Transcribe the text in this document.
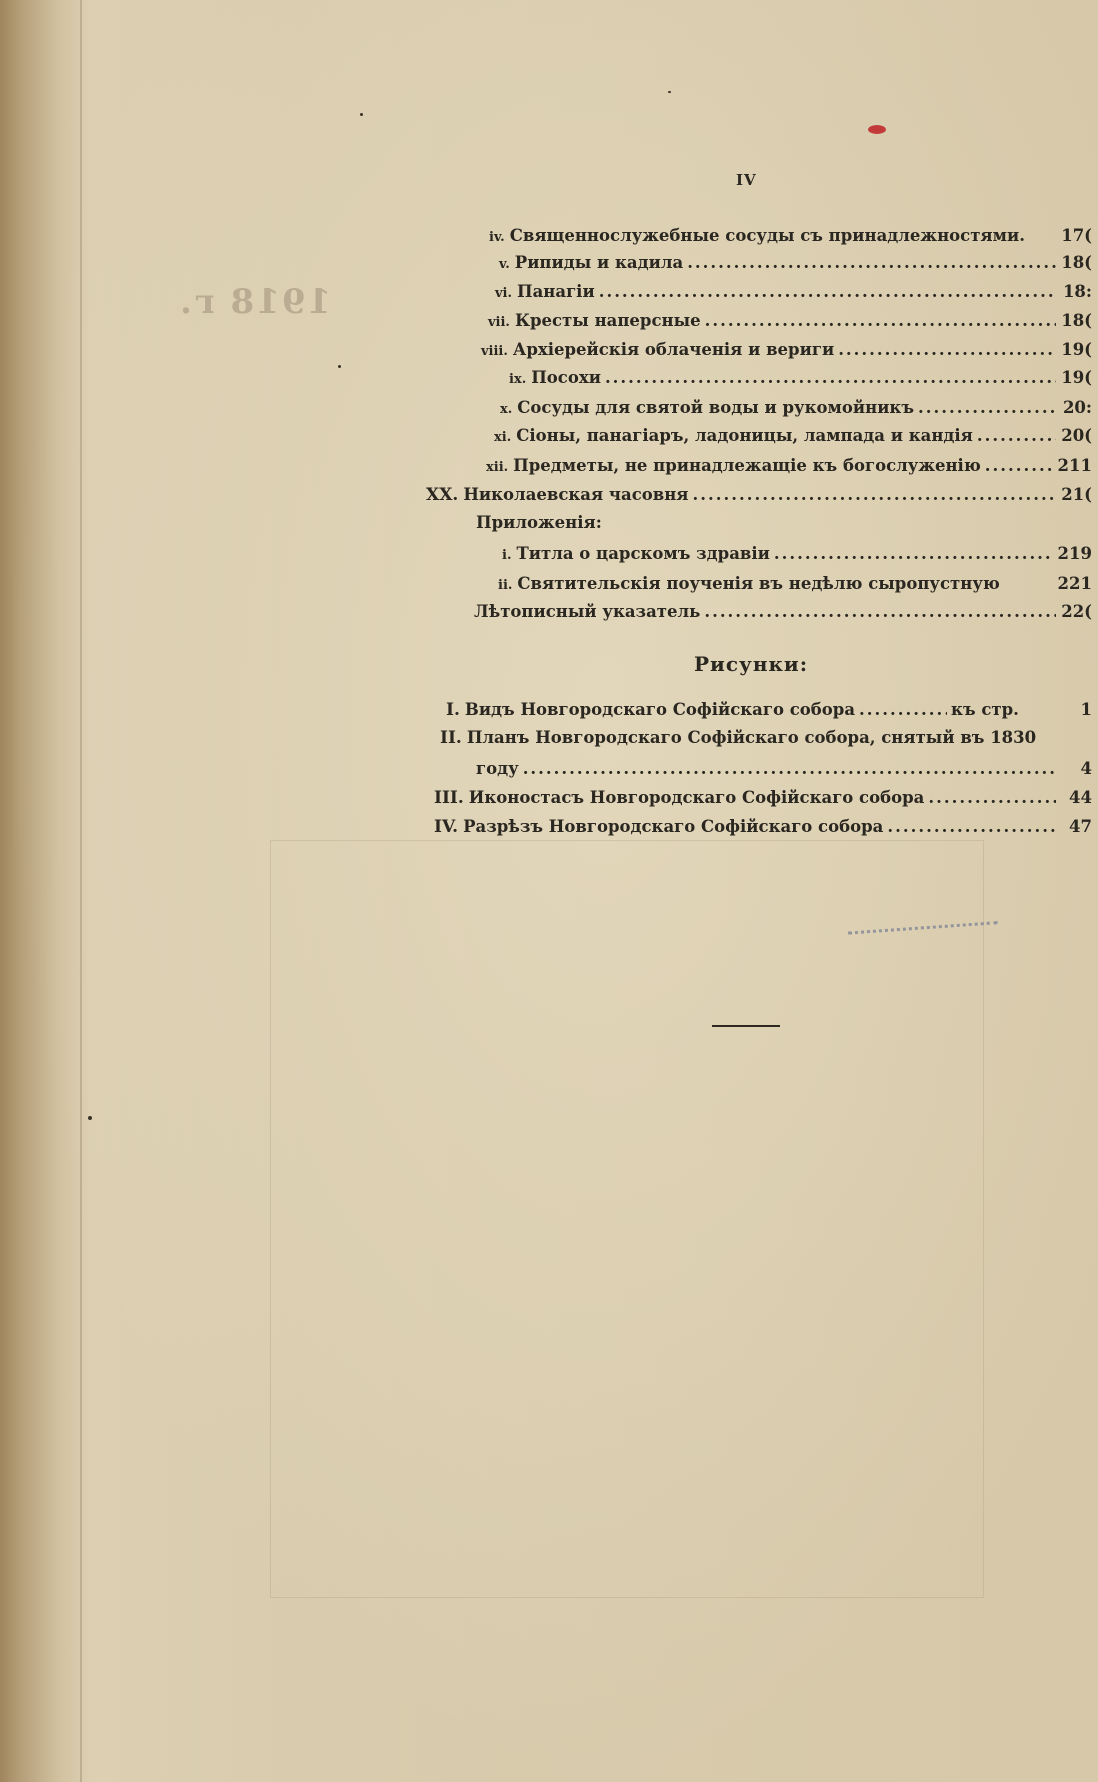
1918 г.
IV
iv. Священнослужебные сосуды съ принадлежностями. 17(
v. Рипиды и кадила .....	18(
vi. Панагіи .....	18:
vii. Кресты наперсные .....	18(
viii. Архіерейскія облаченія и вериги .....	19(
ix. Посохи .....	19(
x. Сосуды для святой воды и рукомойникъ .....	20:
xi. Сіоны, панагіаръ, ладоницы, лампада и кандія .....	20(
xii. Предметы, не принадлежащіе къ богослуженію .....	211
XX. Николаевская часовня .....	21(
Приложенія:
i. Титла о царскомъ здравіи .....	219
ii. Святительскія поученія въ недѣлю сыропустную	221
Лѣтописный указатель .....	22(
Рисунки:
I. Видъ Новгородскаго Софійскаго собора .....	къ стр.	1
II. Планъ Новгородскаго Софійскаго собора, снятый въ 1830
году .....	4
III. Иконостасъ Новгородскаго Софійскаго собора .....	44
IV. Разрѣзъ Новгородскаго Софійскаго собора .....	47
